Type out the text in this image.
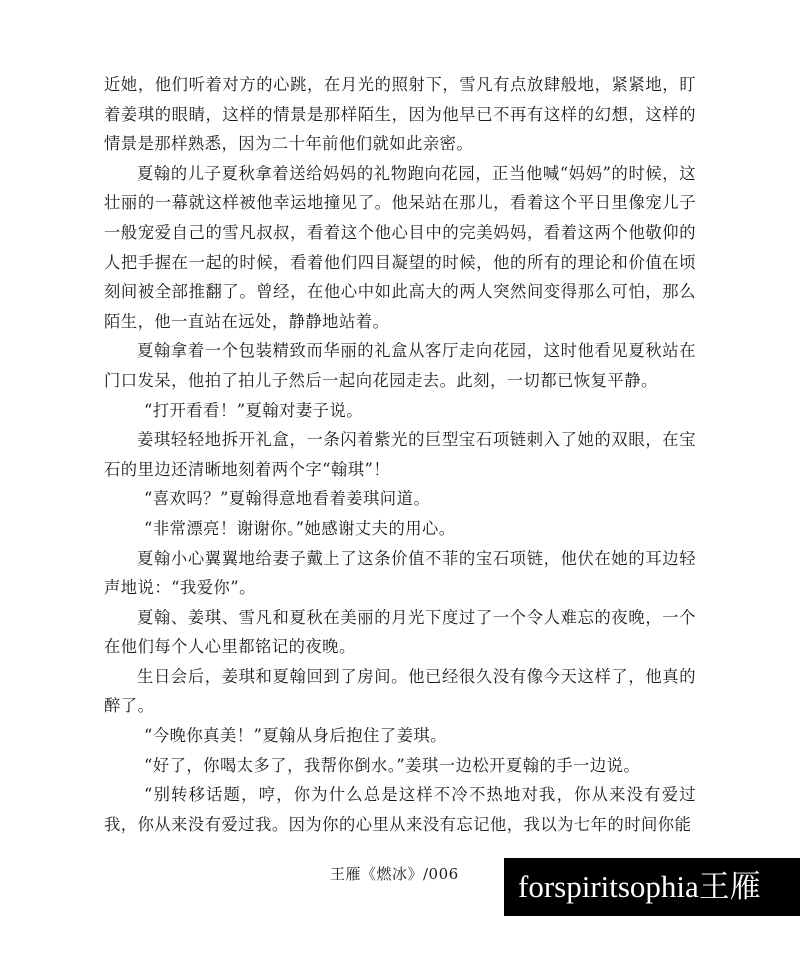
近她，他们听着对方的心跳，在月光的照射下，雪凡有点放肆般地，紧紧地，盯着姜琪的眼睛，这样的情景是那样陌生，因为他早已不再有这样的幻想，这样的情景是那样熟悉，因为二十年前他们就如此亲密。

夏翰的儿子夏秋拿着送给妈妈的礼物跑向花园，正当他喊“妈妈”的时候，这壮丽的一幕就这样被他幸运地撞见了。他呆站在那儿，看着这个平日里像宠儿子一般宠爱自己的雪凡叔叔，看着这个他心目中的完美妈妈，看着这两个他敬仰的人把手握在一起的时候，看着他们四目凝望的时候，他的所有的理论和价值在顷刻间被全部推翻了。曾经，在他心中如此高大的两人突然间变得那么可怕，那么陌生，他一直站在远处，静静地站着。

夏翰拿着一个包装精致而华丽的礼盒从客厅走向花园，这时他看见夏秋站在门口发呆，他拍了拍儿子然后一起向花园走去。此刻，一切都已恢复平静。

“打开看看！”夏翰对妻子说。

姜琪轻轻地拆开礼盒，一条闪着紫光的巨型宝石项链刺入了她的双眼，在宝石的里边还清晰地刻着两个字“翰琪”！

“喜欢吗？”夏翰得意地看着姜琪问道。

“非常漂亮！谢谢你。”她感谢丈夫的用心。

夏翰小心翼翼地给妻子戴上了这条价值不菲的宝石项链，他伏在她的耳边轻声地说：“我爱你”。

夏翰、姜琪、雪凡和夏秋在美丽的月光下度过了一个令人难忘的夜晚，一个在他们每个人心里都铭记的夜晚。

生日会后，姜琪和夏翰回到了房间。他已经很久没有像今天这样了，他真的醉了。

“今晚你真美！”夏翰从身后抱住了姜琪。

“好了，你喝太多了，我帮你倒水。”姜琪一边松开夏翰的手一边说。

“别转移话题，哼，你为什么总是这样不冷不热地对我，你从来没有爱过我，你从来没有爱过我。因为你的心里从来没有忘记他，我以为七年的时间你能

王雁《燃冰》/006	forspiritsophia王雁
